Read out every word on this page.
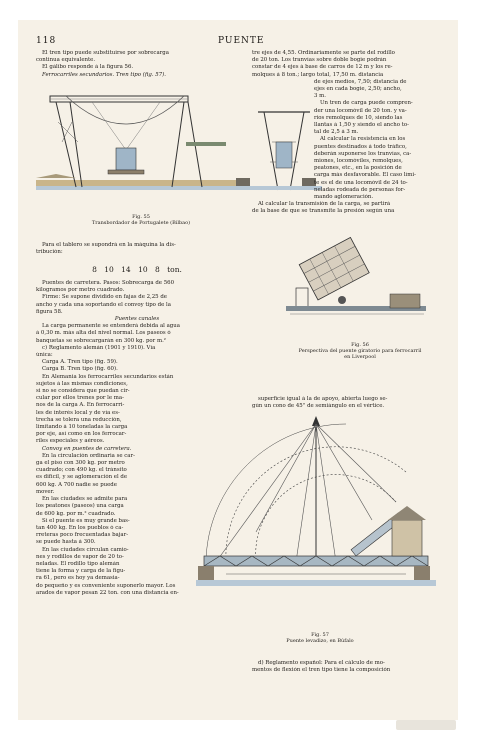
118	PUENTE
El tren tipo puede substituirse por sobrecarga
continua equivalente.
El gálibo responde á la figura 56.
Ferrocarriles secundarios. Tren tipo (fig. 57).
Fig. 55
Transbordador de Portugalete (Bilbao)
Para el tablero se supondrá en la máquina la dis-
tribución:
8 10 14 10 8 ton.
Puentes de carretera. Pasos: Sobrecarga de 560
kilogramos por metro cuadrado.
Firme: Se supone dividido en fajas de 2,25 de
ancho y cada una soportando el convoy tipo de la
figura 58.
Puentes canales
La carga permanente se entenderá debida al agua
á 0,30 m. más alta del nivel normal. Los paseos ó
banquetas se sobrecargarán en 300 kg. por m.²
c) Reglamento alemán (1901 y 1910). Vía
única:
Carga A. Tren tipo (fig. 59).
Carga B. Tren tipo (fig. 60).
En Alemania los ferrocarriles secundarios están
sujetos á las mismas condiciones,
si no se considera que puedan cir-
cular por ellos trenes por le ma-
nos de la carga A. En ferrocarri-
les de interés local y de vía es-
trecha se tolera una reducción,
limitando á 10 toneladas la carga
por eje, así como en los ferrocar-
riles especiales y aéreos.
Convoy en puentes de carretera.
En la circulación ordinaria se car-
ga el piso con 300 kg. por metro
cuadrado; con 490 kg. el tránsito
es difícil, y se aglomeración el de
600 kg. Á 700 nadie se puede
mover.
En las ciudades se admite para
los peatones (paseos) una carga
de 600 kg. por m.² cuadrado.
Si el puente es muy grande bas-
tan 400 kg. En los pueblos ó ca-
rreteras poco frecuentadas bajar-
se puede hasta á 300.
En las ciudades circulan camio-
nes y rodillos de vapor de 20 to-
neladas. El rodillo tipo alemán
tiene la forma y carga de la figu-
ra 61, pero es hoy ya demasia-
do pequeño y es conveniente suponerlo mayor. Los
arados de vapor pesan 22 ton. con una distancia en-
tre ejes de 4,55. Ordinariamente se parte del rodillo
de 20 ton. Los tranvías sobre doble bogie podrán
constar de 4 ejes á base de carros de 12 m y los re-
molques á 8 ton.; largo total, 17,50 m. distancia
de ejes medios, 7,50; distancia de
ejes en cada bogie, 2,50; ancho,
3 m.
Un tren de carga puede compren-
der una locomóvil de 20 ton. y va-
rios remolques de 10, siendo las
llantas á 1,50 y siendo el ancho to-
tal de 2,5 á 3 m.
Al calcular la resistencia en los
puentes destinados á todo tráfico,
deberán suponerse los tranvías, ca-
miones, locomóviles, remolques,
peatones, etc., en la posición de
carga más desfavorable. El caso lími-
te es el de una locomóvil de 24 to-
neladas rodeada de personas for-
mando aglomeración.
Al calcular la transmisión de la carga, se partirá
de la base de que se transmite la presión según una
Fig. 56
Perspectiva del puente giratorio para ferrocarril
en Liverpool
superficie igual á la de apoyo, abierta luego se-
gún un cono de 45° de semiángulo en el vértice.
Fig. 57
Puente levadizo, en Búfalo
d) Reglamento español: Para el cálculo de mo-
mentos de flexión el tren tipo tiene la composición
